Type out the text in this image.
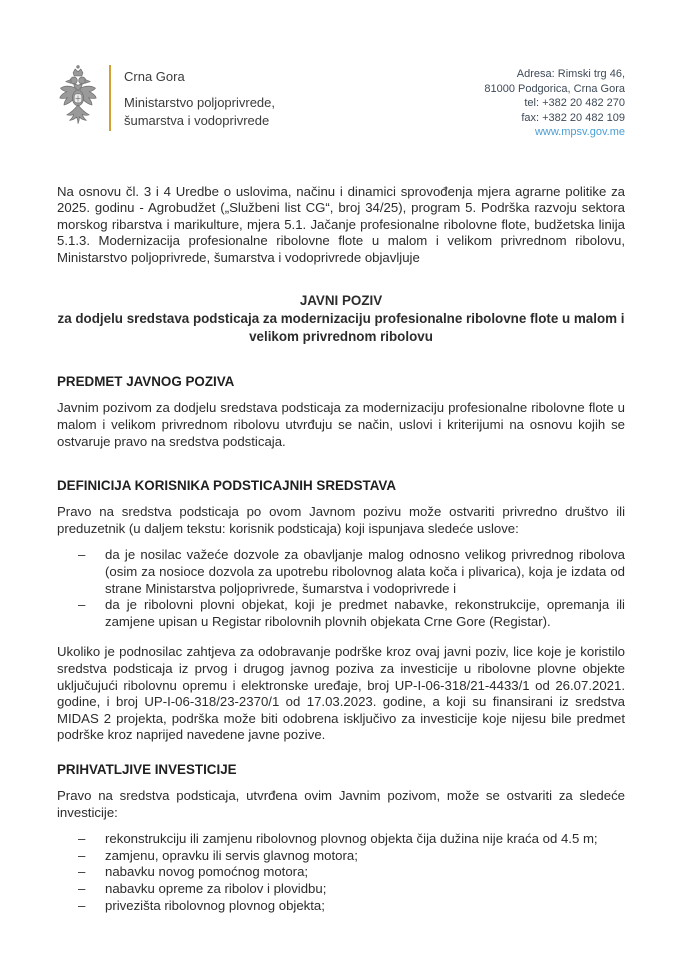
Crna Gora
Ministarstvo poljoprivrede,
šumarstva i vodoprivrede
Adresa: Rimski trg 46,
81000 Podgorica, Crna Gora
tel: +382 20 482 270
fax: +382 20 482 109
www.mpsv.gov.me

Na osnovu čl. 3 i 4 Uredbe o uslovima, načinu i dinamici sprovođenja mjera agrarne politike za 2025. godinu - Agrobudžet („Službeni list CG“, broj 34/25), program 5. Podrška razvoju sektora morskog ribarstva i marikulture, mjera 5.1. Jačanje profesionalne ribolovne flote, budžetska linija 5.1.3. Modernizacija profesionalne ribolovne flote u malom i velikom privrednom ribolovu, Ministarstvo poljoprivrede, šumarstva i vodoprivrede objavljuje

JAVNI POZIV
za dodjelu sredstava podsticaja za modernizaciju profesionalne ribolovne flote u malom i velikom privrednom ribolovu
PREDMET JAVNOG POZIVA

Javnim pozivom za dodjelu sredstava podsticaja za modernizaciju profesionalne ribolovne flote u malom i velikom privrednom ribolovu utvrđuju se način, uslovi i kriterijumi na osnovu kojih se ostvaruje pravo na sredstva podsticaja.

DEFINICIJA KORISNIKA PODSTICAJNIH SREDSTAVA

Pravo na sredstva podsticaja po ovom Javnom pozivu može ostvariti privredno društvo ili preduzetnik (u daljem tekstu: korisnik podsticaja) koji ispunjava sledeće uslove:

– da je nosilac važeće dozvole za obavljanje malog odnosno velikog privrednog ribolova (osim za nosioce dozvola za upotrebu ribolovnog alata koča i plivarica), koja je izdata od strane Ministarstva poljoprivrede, šumarstva i vodoprivrede i
– da je ribolovni plovni objekat, koji je predmet nabavke, rekonstrukcije, opremanja ili zamjene upisan u Registar ribolovnih plovnih objekata Crne Gore (Registar).

Ukoliko je podnosilac zahtjeva za odobravanje podrške kroz ovaj javni poziv, lice koje je koristilo sredstva podsticaja iz prvog i drugog javnog poziva za investicije u ribolovne plovne objekte uključujući ribolovnu opremu i elektronske uređaje, broj UP-I-06-318/21-4433/1 od 26.07.2021. godine, i broj UP-I-06-318/23-2370/1 od 17.03.2023. godine, a koji su finansirani iz sredstva MIDAS 2 projekta, podrška može biti odobrena isključivo za investicije koje nijesu bile predmet podrške kroz naprijed navedene javne pozive.

PRIHVATLJIVE INVESTICIJE

Pravo na sredstva podsticaja, utvrđena ovim Javnim pozivom, može se ostvariti za sledeće investicije:

– rekonstrukciju ili zamjenu ribolovnog plovnog objekta čija dužina nije kraća od 4.5 m;
– zamjenu, opravku ili servis glavnog motora;
– nabavku novog pomoćnog motora;
– nabavku opreme za ribolov i plovidbu;
– privezišta ribolovnog plovnog objekta;
